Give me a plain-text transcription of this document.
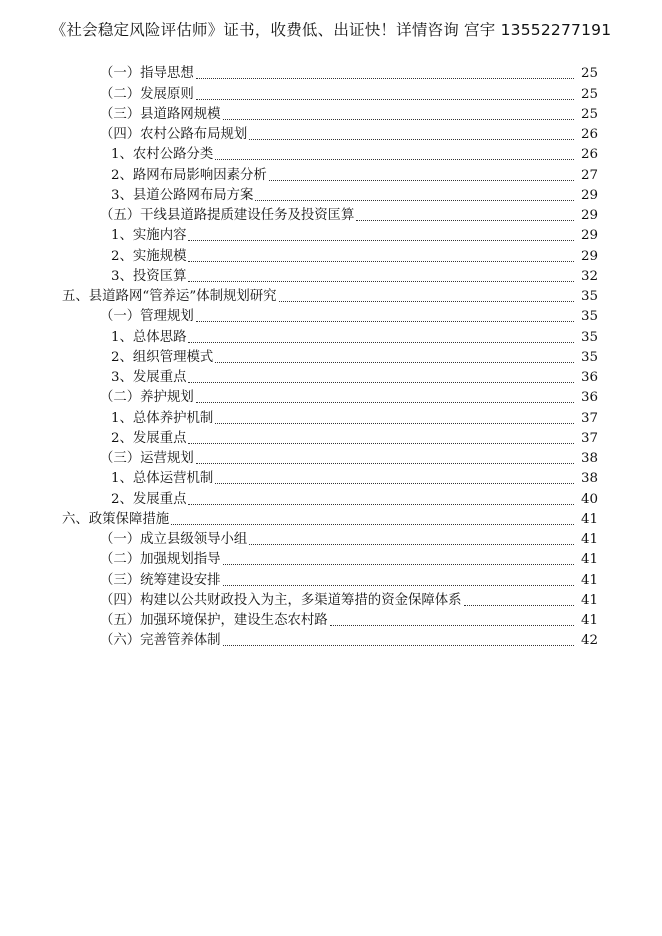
《社会稳定风险评估师》证书，收费低、出证快！详情咨询 宫宇 13552277191
（一）指导思想	25
（二）发展原则	25
（三）县道路网规模	25
（四）农村公路布局规划	26
1、农村公路分类	26
2、路网布局影响因素分析	27
3、县道公路网布局方案	29
（五）干线县道路提质建设任务及投资匡算	29
1、实施内容	29
2、实施规模	29
3、投资匡算	32
五、县道路网“管养运”体制规划研究	35
（一）管理规划	35
1、总体思路	35
2、组织管理模式	35
3、发展重点	36
（二）养护规划	36
1、总体养护机制	37
2、发展重点	37
（三）运营规划	38
1、总体运营机制	38
2、发展重点	40
六、政策保障措施	41
（一）成立县级领导小组	41
（二）加强规划指导	41
（三）统筹建设安排	41
（四）构建以公共财政投入为主，多渠道筹措的资金保障体系	41
（五）加强环境保护，建设生态农村路	41
（六）完善管养体制	42
